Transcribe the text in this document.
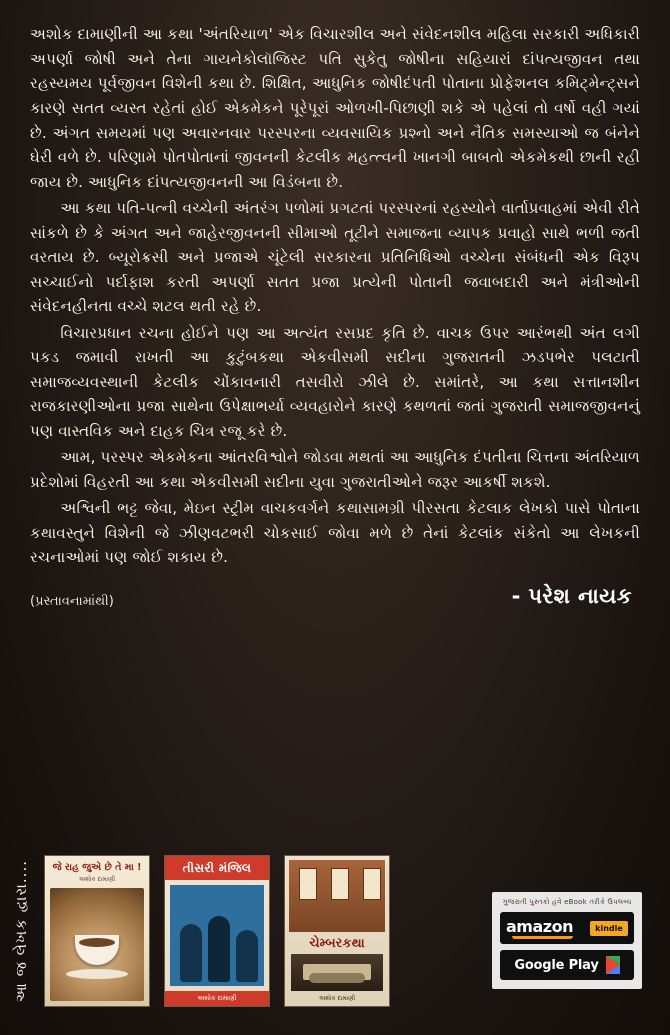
અશોક દામાણીની આ કથા 'અંતરિયાળ' એક વિચારશીલ અને સંવેદનશીલ મહિલા સરકારી અધિકારી અપર્ણા જોષી અને તેના ગાયનેકોલૉજિસ્ટ પતિ સુકેતુ જોષીના સહિયારાં દાંપત્યજીવન તથા રહસ્યમય પૂર્વજીવન વિશેની કથા છે. શિક્ષિત, આધુનિક જોષીદંપતી પોતાના પ્રોફેશનલ કમિટ્મેન્ટ્સને કારણે સતત વ્યસ્ત રહેતાં હોઈ એકમેકને પૂરેપૂરાં ઓળખી-પિછાણી શકે એ પહેલાં તો વર્ષો વહી ગયાં છે. અંગત સમયમાં પણ અવારનવાર પરસ્પરના વ્યવસાયિક પ્રશ્નો અને નૈતિક સમસ્યાઓ જ બંનેને ઘેરી વળે છે. પરિણામે પોતપોતાનાં જીવનની કેટલીક મહત્ત્વની ખાનગી બાબતો એકમેકથી છાની રહી જાય છે. આધુનિક દાંપત્યજીવનની આ વિડંબના છે.

આ કથા પતિ-પત્ની વચ્ચેની અંતરંગ પળોમાં પ્રગટતાં પરસ્પરનાં રહસ્યોને વાર્તાપ્રવાહમાં એવી રીતે સાંકળે છે કે અંગત અને જાહેરજીવનની સીમાઓ તૂટીને સમાજના વ્યાપક પ્રવાહો સાથે ભળી જતી વરતાય છે. બ્યૂરોક્રસી અને પ્રજાએ ચૂંટેલી સરકારના પ્રતિનિધિઓ વચ્ચેના સંબંધની એક વિરૂપ સચ્ચાઈનો પર્દાફાશ કરતી અપર્ણા સતત પ્રજા પ્રત્યેની પોતાની જવાબદારી અને મંત્રીઓની સંવેદનહીનતા વચ્ચે શટલ થતી રહે છે.

વિચારપ્રધાન રચના હોઈને પણ આ અત્યંત રસપ્રદ કૃતિ છે. વાચક ઉપર આરંભથી અંત લગી પકડ જમાવી રાખતી આ કુટુંબકથા એકવીસમી સદીના ગુજરાતની ઝડપભેર પલટાતી સમાજવ્યવસ્થાની કેટલીક ચોંકાવનારી તસવીરો ઝીલે છે. સમાંતરે, આ કથા સત્તાનશીન રાજકારણીઓના પ્રજા સાથેના ઉપેક્ષાભર્યા વ્યવહારોને કારણે કથળતાં જતાં ગુજરાતી સમાજજીવનનું પણ વાસ્તવિક અને દાહક ચિત્ર રજૂ કરે છે.

આમ, પરસ્પર એકમેકના આંતરવિશ્વોને જોડવા મથતાં આ આધુનિક દંપતીના ચિત્તના અંતરિયાળ પ્રદેશોમાં વિહરતી આ કથા એકવીસમી સદીના યુવા ગુજરાતીઓને જરૂર આકર્ષી શકશે.

અશ્વિની ભટ્ટ જેવા, મેઇન સ્ટ્રીમ વાચકવર્ગને કથાસામગ્રી પીરસતા કેટલાક લેખકો પાસે પોતાના કથાવસ્તુને વિશેની જે ઝીણવટભરી ચોકસાઈ જોવા મળે છે તેનાં કેટલાંક સંકેતો આ લેખકની રચનાઓમાં પણ જોઈ શકાય છે.

(પ્રસ્તાવનામાંથી)	- પરેશ નાયક
આ જ લેખક દ્વારા....	જે રાહ જુએ છે તે મા !
અશોક દામાણી
તીસરી મંજિલ
અશોક દામાણી
ચેમ્બરકથા
અશોક દામાણી
ગુજરાતી પુસ્તકો હવે eBook તરીકે ઉપલબ્ધ
amazon	kindle
Google Play
